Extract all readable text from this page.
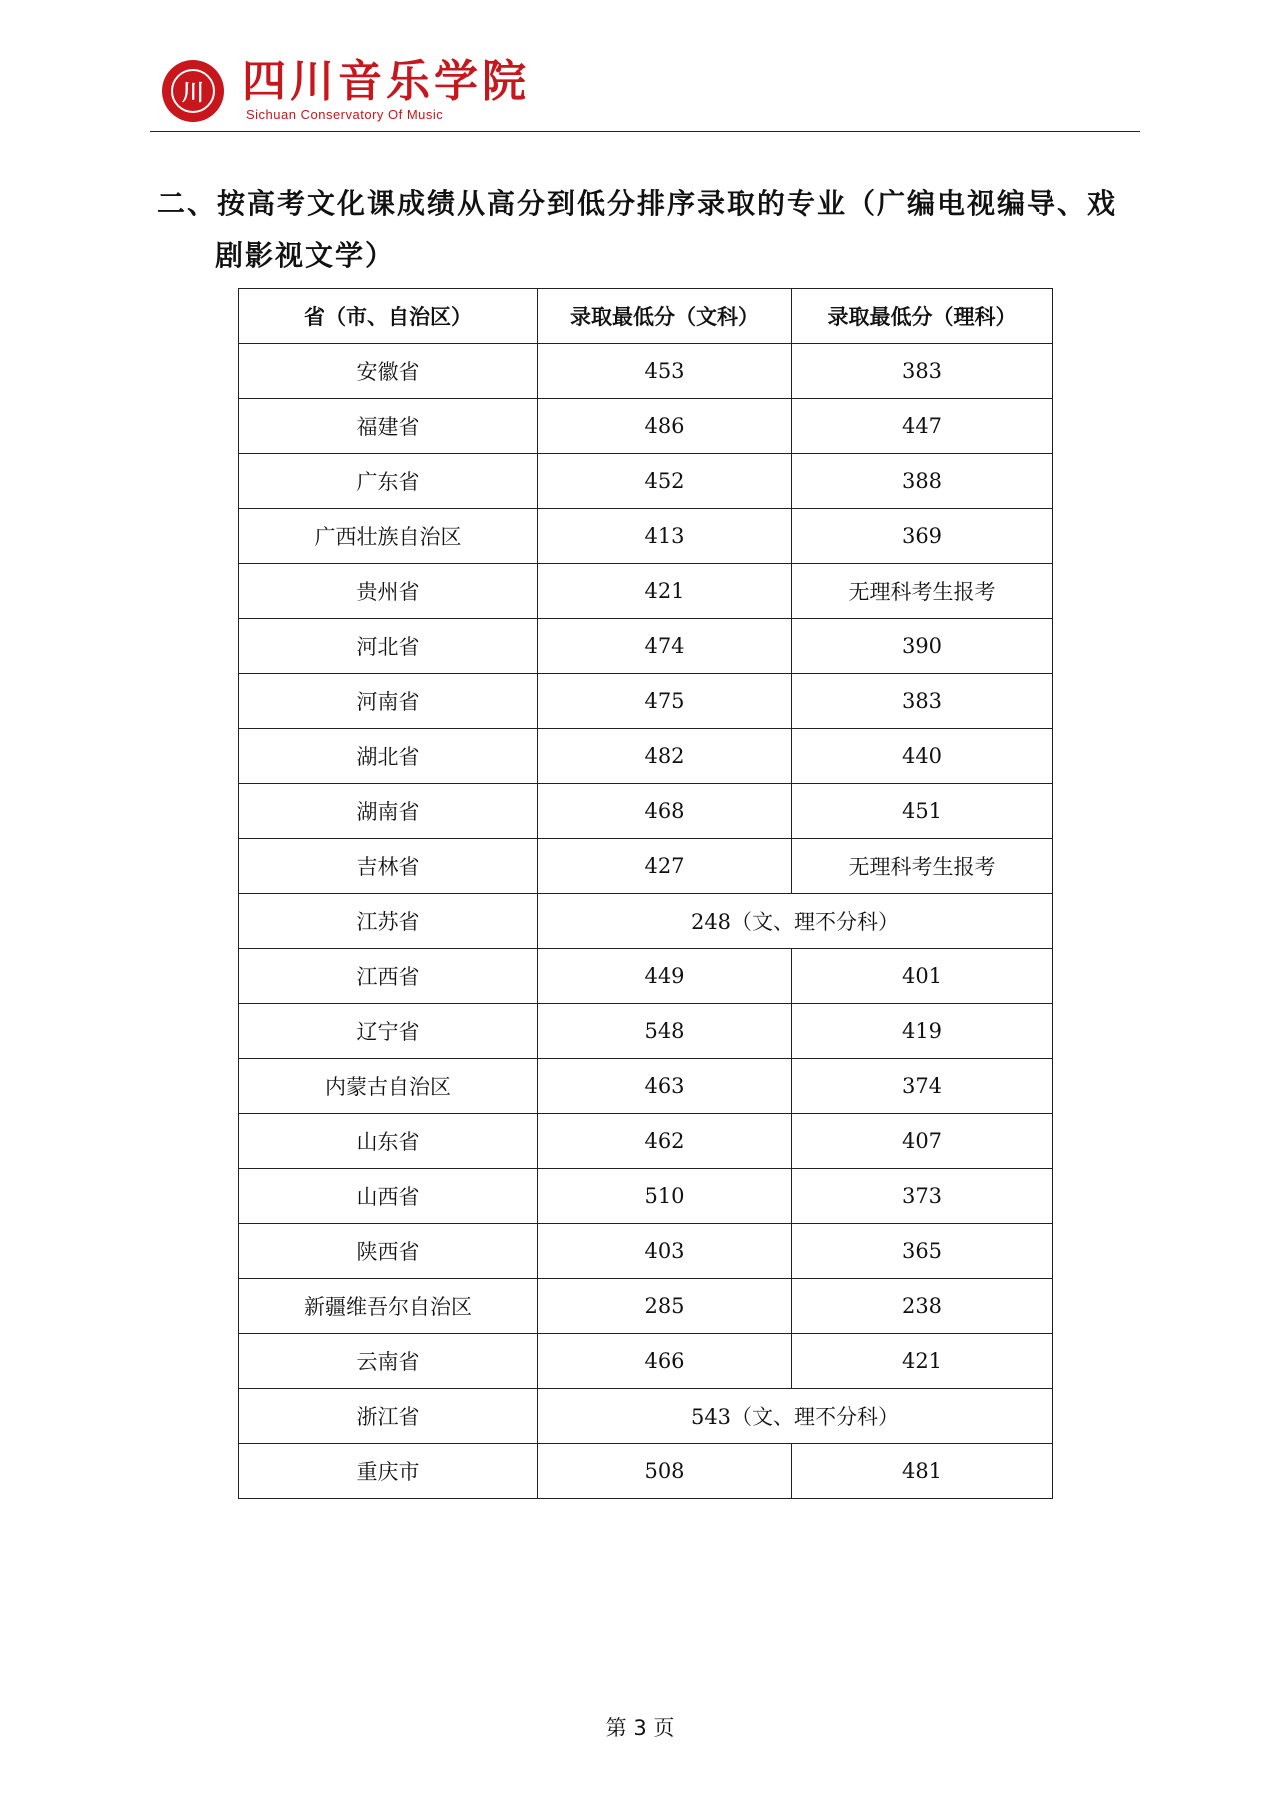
川 四川音乐学院
Sichuan Conservatory Of Music
二、按高考文化课成绩从高分到低分排序录取的专业（广编电视编导、戏
剧影视文学）
省（市、自治区）	录取最低分（文科）	录取最低分（理科）
安徽省	453	383
福建省	486	447
广东省	452	388
广西壮族自治区	413	369
贵州省	421	无理科考生报考
河北省	474	390
河南省	475	383
湖北省	482	440
湖南省	468	451
吉林省	427	无理科考生报考
江苏省	248（文、理不分科）	
江西省	449	401
辽宁省	548	419
内蒙古自治区	463	374
山东省	462	407
山西省	510	373
陕西省	403	365
新疆维吾尔自治区	285	238
云南省	466	421
浙江省	543（文、理不分科）	
重庆市	508	481
第 3 页
